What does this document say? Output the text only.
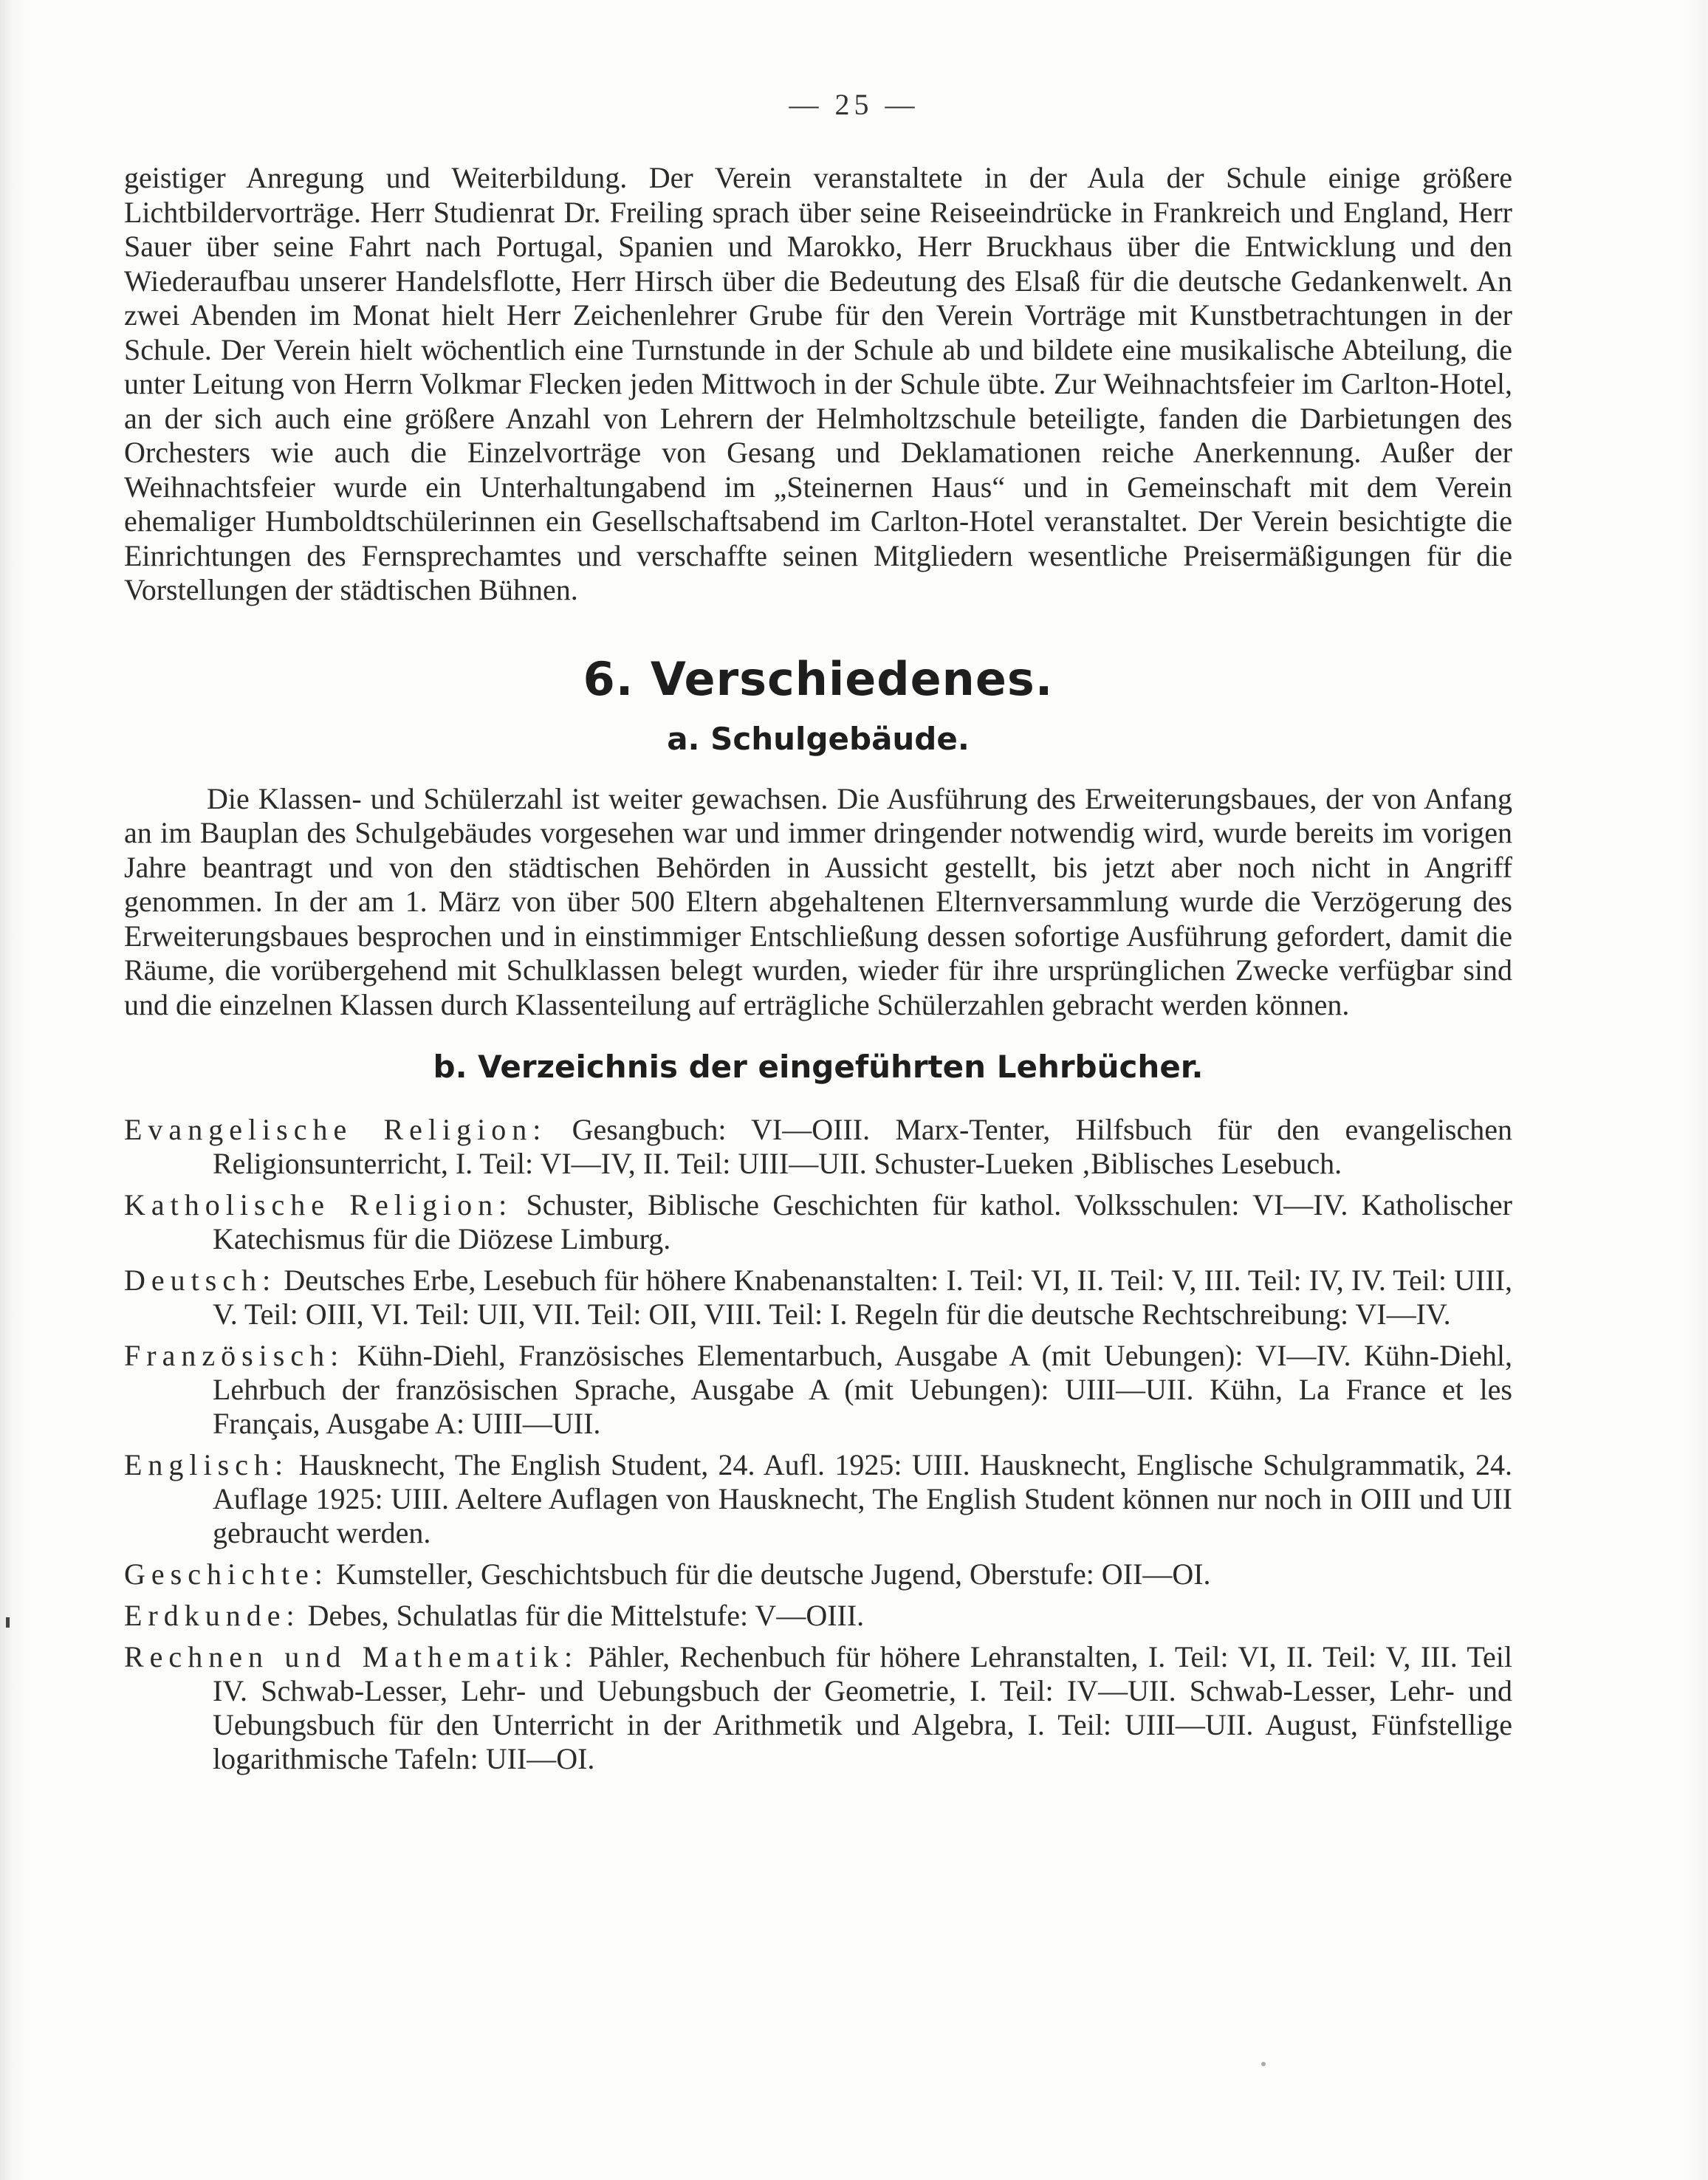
— 25 —

geistiger Anregung und Weiterbildung. Der Verein veranstaltete in der Aula der Schule einige größere Lichtbildervorträge. Herr Studienrat Dr. Freiling sprach über seine Reiseeindrücke in Frankreich und England, Herr Sauer über seine Fahrt nach Portugal, Spanien und Marokko, Herr Bruckhaus über die Entwicklung und den Wiederaufbau unserer Handelsflotte, Herr Hirsch über die Bedeutung des Elsaß für die deutsche Gedankenwelt. An zwei Abenden im Monat hielt Herr Zeichenlehrer Grube für den Verein Vorträge mit Kunstbetrachtungen in der Schule. Der Verein hielt wöchentlich eine Turnstunde in der Schule ab und bildete eine musikalische Abteilung, die unter Leitung von Herrn Volkmar Flecken jeden Mittwoch in der Schule übte. Zur Weihnachtsfeier im Carlton-Hotel, an der sich auch eine größere Anzahl von Lehrern der Helmholtzschule beteiligte, fanden die Darbietungen des Orchesters wie auch die Einzelvorträge von Gesang und Deklamationen reiche Anerkennung. Außer der Weihnachtsfeier wurde ein Unterhaltungabend im „Steinernen Haus“ und in Gemeinschaft mit dem Verein ehemaliger Humboldtschülerinnen ein Gesellschaftsabend im Carlton-Hotel veranstaltet. Der Verein besichtigte die Einrichtungen des Fernsprechamtes und verschaffte seinen Mitgliedern wesentliche Preisermäßigungen für die Vorstellungen der städtischen Bühnen.

6. Verschiedenes.
a. Schulgebäude.

Die Klassen- und Schülerzahl ist weiter gewachsen. Die Ausführung des Erweiterungsbaues, der von Anfang an im Bauplan des Schulgebäudes vorgesehen war und immer dringender notwendig wird, wurde bereits im vorigen Jahre beantragt und von den städtischen Behörden in Aussicht gestellt, bis jetzt aber noch nicht in Angriff genommen. In der am 1. März von über 500 Eltern abgehaltenen Elternversammlung wurde die Verzögerung des Erweiterungsbaues besprochen und in einstimmiger Entschließung dessen sofortige Ausführung gefordert, damit die Räume, die vorübergehend mit Schulklassen belegt wurden, wieder für ihre ursprünglichen Zwecke verfügbar sind und die einzelnen Klassen durch Klassenteilung auf erträgliche Schülerzahlen gebracht werden können.

b. Verzeichnis der eingeführten Lehrbücher.

Evangelische Religion: Gesangbuch: VI—OIII. Marx-Tenter, Hilfsbuch für den evangelischen Religionsunterricht, I. Teil: VI—IV, II. Teil: UIII—UII. Schuster-Lueken ‚Biblisches Lesebuch.

Katholische Religion: Schuster, Biblische Geschichten für kathol. Volksschulen: VI—IV. Katholischer Katechismus für die Diözese Limburg.

Deutsch: Deutsches Erbe, Lesebuch für höhere Knabenanstalten: I. Teil: VI, II. Teil: V, III. Teil: IV, IV. Teil: UIII, V. Teil: OIII, VI. Teil: UII, VII. Teil: OII, VIII. Teil: I. Regeln für die deutsche Rechtschreibung: VI—IV.

Französisch: Kühn-Diehl, Französisches Elementarbuch, Ausgabe A (mit Uebungen): VI—IV. Kühn-Diehl, Lehrbuch der französischen Sprache, Ausgabe A (mit Uebungen): UIII—UII. Kühn, La France et les Français, Ausgabe A: UIII—UII.

Englisch: Hausknecht, The English Student, 24. Aufl. 1925: UIII. Hausknecht, Englische Schulgrammatik, 24. Auflage 1925: UIII. Aeltere Auflagen von Hausknecht, The English Student können nur noch in OIII und UII gebraucht werden.

Geschichte: Kumsteller, Geschichtsbuch für die deutsche Jugend, Oberstufe: OII—OI.

Erdkunde: Debes, Schulatlas für die Mittelstufe: V—OIII.

Rechnen und Mathematik: Pähler, Rechenbuch für höhere Lehranstalten, I. Teil: VI, II. Teil: V, III. Teil IV. Schwab-Lesser, Lehr- und Uebungsbuch der Geometrie, I. Teil: IV—UII. Schwab-Lesser, Lehr- und Uebungsbuch für den Unterricht in der Arithmetik und Algebra, I. Teil: UIII—UII. August, Fünfstellige logarithmische Tafeln: UII—OI.
